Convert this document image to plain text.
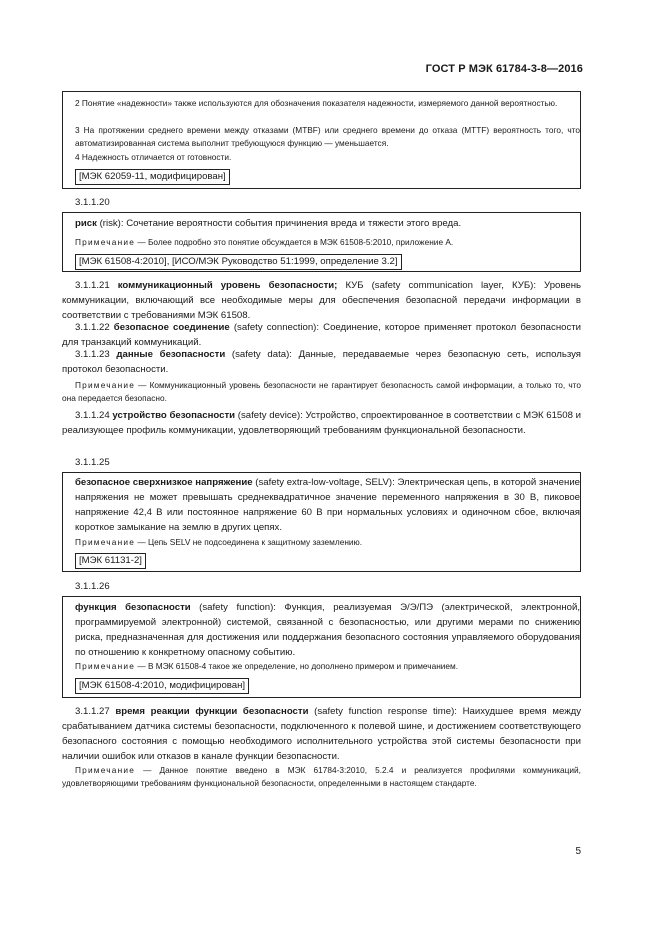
ГОСТ Р МЭК 61784-3-8—2016

2 Понятие «надежности» также используются для обозначения показателя надежности, измеряемого данной вероятностью.

3 На протяжении среднего времени между отказами (MTBF) или среднего времени до отказа (MTTF) вероятность того, что автоматизированная система выполнит требующуюся функцию — уменьшается.

4 Надежность отличается от готовности.

[МЭК 62059-11, модифицирован]

3.1.1.20

риск (risk): Сочетание вероятности события причинения вреда и тяжести этого вреда.

Примечание — Более подробно это понятие обсуждается в МЭК 61508-5:2010, приложение А.

[МЭК 61508-4:2010], [ИСО/МЭК Руководство 51:1999, определение 3.2]

3.1.1.21 коммуникационный уровень безопасности; КУБ (safety communication layer, КУБ): Уровень коммуникации, включающий все необходимые меры для обеспечения безопасной передачи информации в соответствии с требованиями МЭК 61508.

3.1.1.22 безопасное соединение (safety connection): Соединение, которое применяет протокол безопасности для транзакций коммуникаций.

3.1.1.23 данные безопасности (safety data): Данные, передаваемые через безопасную сеть, используя протокол безопасности.

Примечание — Коммуникационный уровень безопасности не гарантирует безопасность самой информации, а только то, что она передается безопасно.

3.1.1.24 устройство безопасности (safety device): Устройство, спроектированное в соответствии с МЭК 61508 и реализующее профиль коммуникации, удовлетворяющий требованиям функциональной безопасности.

3.1.1.25

безопасное сверхнизкое напряжение (safety extra-low-voltage, SELV): Электрическая цепь, в которой значение напряжения не может превышать среднеквадратичное значение переменного напряжения в 30 В, пиковое напряжение 42,4 В или постоянное напряжение 60 В при нормальных условиях и одиночном сбое, включая короткое замыкание на землю в других цепях.

Примечание — Цепь SELV не подсоединена к защитному заземлению.

[МЭК 61131-2]

3.1.1.26

функция безопасности (safety function): Функция, реализуемая Э/Э/ПЭ (электрической, электронной, программируемой электронной) системой, связанной с безопасностью, или другими мерами по снижению риска, предназначенная для достижения или поддержания безопасного состояния управляемого оборудования по отношению к конкретному опасному событию.

Примечание — В МЭК 61508-4 такое же определение, но дополнено примером и примечанием.

[МЭК 61508-4:2010, модифицирован]

3.1.1.27 время реакции функции безопасности (safety function response time): Наихудшее время между срабатыванием датчика системы безопасности, подключенного к полевой шине, и достижением соответствующего безопасного состояния с помощью необходимого исполнительного устройства этой системы безопасности при наличии ошибок или отказов в канале функции безопасности.

Примечание — Данное понятие введено в МЭК 61784-3:2010, 5.2.4 и реализуется профилями коммуникаций, удовлетворяющими требованиям функциональной безопасности, определенными в настоящем стандарте.

5
